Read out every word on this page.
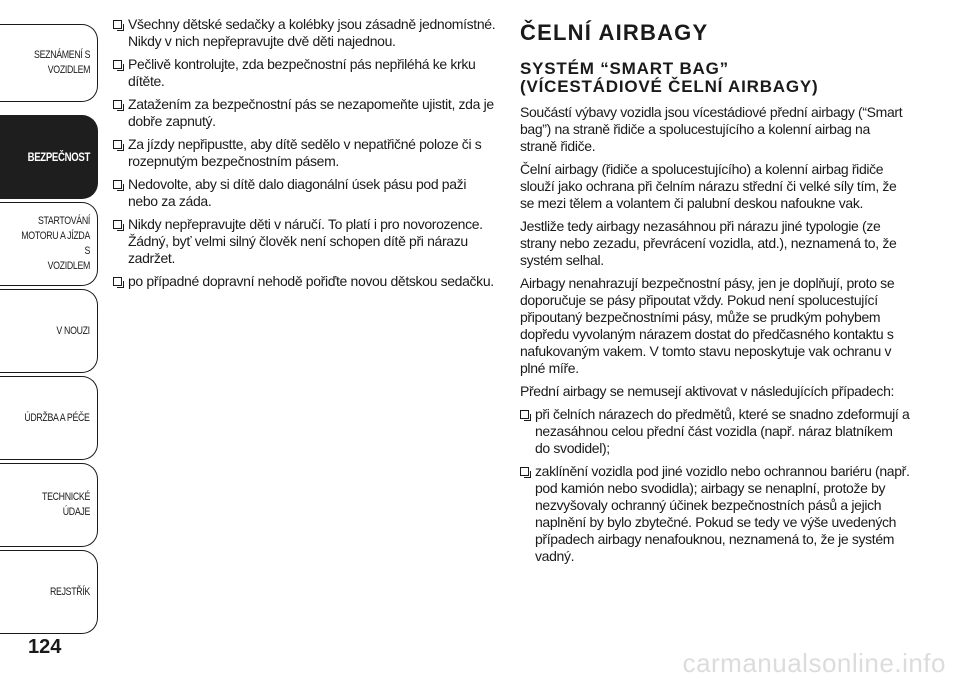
SEZNÁMENÍ S
VOZIDLEM
BEZPEČNOST
STARTOVÁNÍ
MOTORU A JÍZDA S
VOZIDLEM
V NOUZI
ÚDRŽBA A PÉČE
TECHNICKÉ ÚDAJE
REJSTŘÍK
124
Všechny dětské sedačky a kolébky jsou zásadně jednomístné. Nikdy v nich nepřepravujte dvě děti najednou.
Pečlivě kontrolujte, zda bezpečnostní pás nepřiléhá ke krku dítěte.
Zatažením za bezpečnostní pás se nezapomeňte ujistit, zda je dobře zapnutý.
Za jízdy nepřipustte, aby dítě sedělo v nepatřičné poloze či s rozepnutým bezpečnostním pásem.
Nedovolte, aby si dítě dalo diagonální úsek pásu pod paži nebo za záda.
Nikdy nepřepravujte děti v náručí. To platí i pro novorozence. Žádný, byť velmi silný člověk není schopen dítě při nárazu zadržet.
po případné dopravní nehodě pořiďte novou dětskou sedačku.
ČELNÍ AIRBAGY
SYSTÉM “SMART BAG”
(VÍCESTÁDIOVÉ ČELNÍ AIRBAGY)

Součástí výbavy vozidla jsou vícestádiové přední airbagy (“Smart bag”) na straně řidiče a spolucestujícího a kolenní airbag na straně řidiče.

Čelní airbagy (řidiče a spolucestujícího) a kolenní airbag řidiče slouží jako ochrana při čelním nárazu střední či velké síly tím, že se mezi tělem a volantem či palubní deskou nafoukne vak.

Jestliže tedy airbagy nezasáhnou při nárazu jiné typologie (ze strany nebo zezadu, převrácení vozidla, atd.), neznamená to, že systém selhal.

Airbagy nenahrazují bezpečnostní pásy, jen je doplňují, proto se doporučuje se pásy připoutat vždy. Pokud není spolucestující připoutaný bezpečnostními pásy, může se prudkým pohybem dopředu vyvolaným nárazem dostat do předčasného kontaktu s nafukovaným vakem. V tomto stavu neposkytuje vak ochranu v plné míře.

Přední airbagy se nemusejí aktivovat v následujících případech:

při čelních nárazech do předmětů, které se snadno zdeformují a nezasáhnou celou přední část vozidla (např. náraz blatníkem do svodidel);
zaklínění vozidla pod jiné vozidlo nebo ochrannou bariéru (např. pod kamión nebo svodidla); airbagy se nenaplní, protože by nezvyšovaly ochranný účinek bezpečnostních pásů a jejich naplnění by bylo zbytečné. Pokud se tedy ve výše uvedených případech airbagy nenafouknou, neznamená to, že je systém vadný.
carmanualsonline.info
